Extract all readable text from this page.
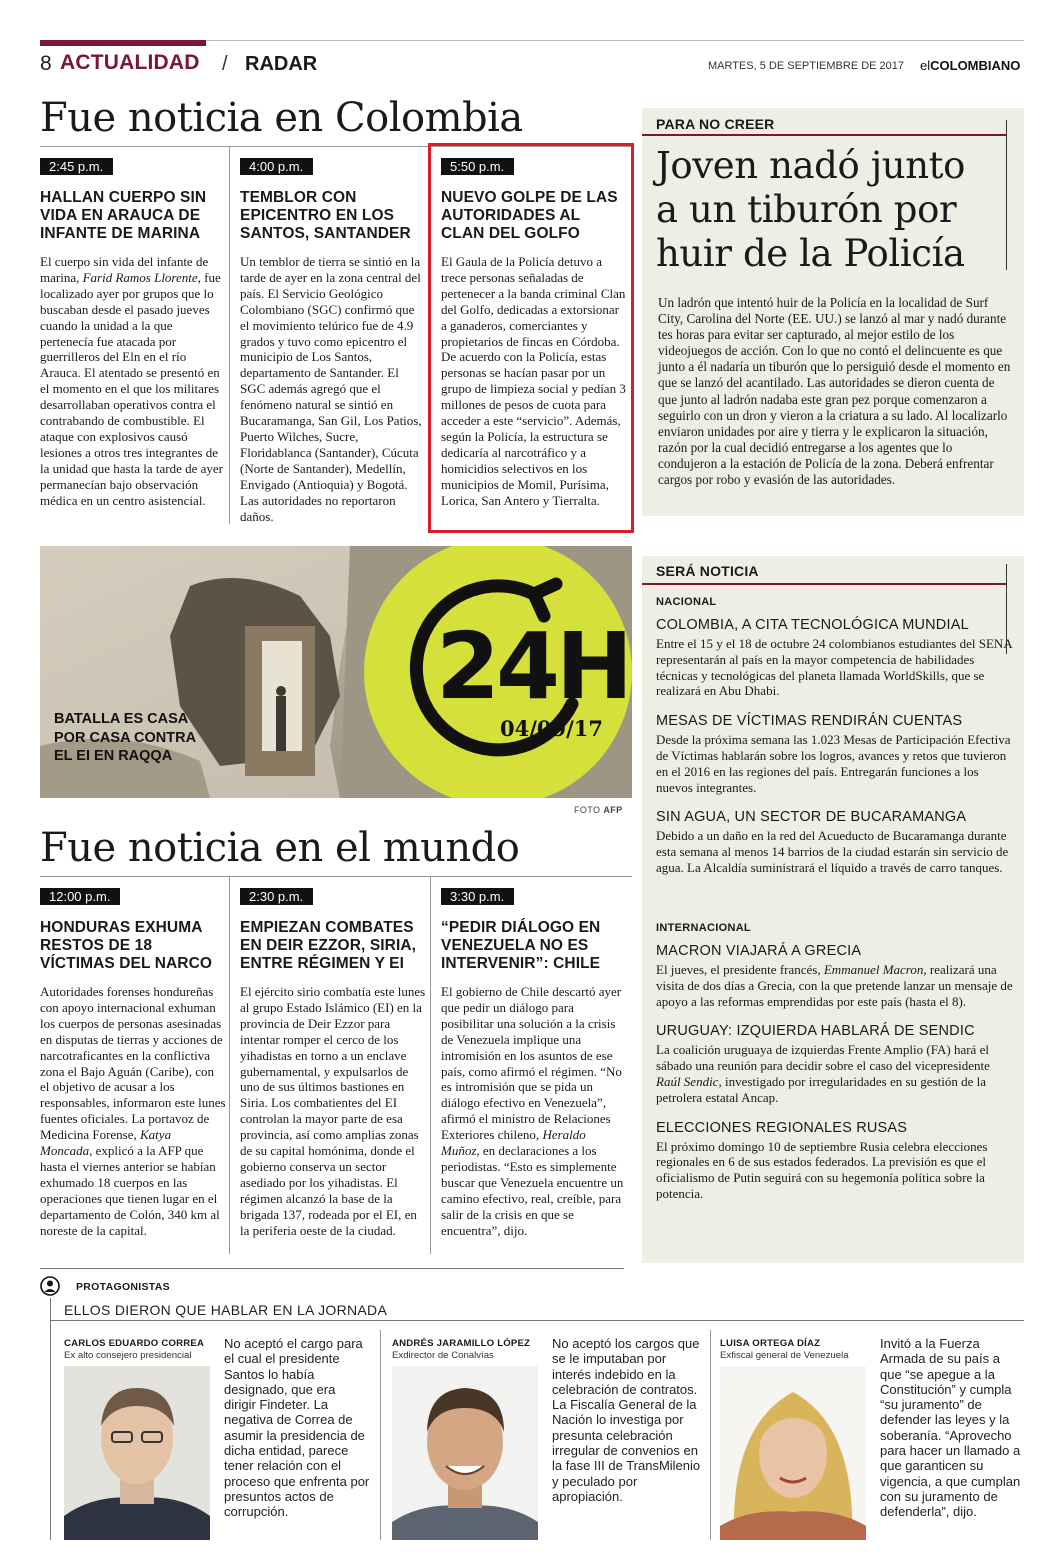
8 ACTUALIDAD / RADAR	MARTES, 5 DE SEPTIEMBRE DE 2017 elCOLOMBIANO
Fue noticia en Colombia
2:45 p.m.
HALLAN CUERPO SIN VIDA EN ARAUCA DE INFANTE DE MARINA
El cuerpo sin vida del infante de marina, Farid Ramos Llorente, fue localizado ayer por grupos que lo buscaban desde el pasado jueves cuando la unidad a la que pertenecía fue atacada por guerrilleros del Eln en el río Arauca. El atentado se presentó en el momento en el que los militares desarrollaban operativos contra el contrabando de combustible. El ataque con explosivos causó lesiones a otros tres integrantes de la unidad que hasta la tarde de ayer permanecían bajo observación médica en un centro asistencial.
4:00 p.m.
TEMBLOR CON EPICENTRO EN LOS SANTOS, SANTANDER
Un temblor de tierra se sintió en la tarde de ayer en la zona central del país. El Servicio Geológico Colombiano (SGC) confirmó que el movimiento telúrico fue de 4.9 grados y tuvo como epicentro el municipio de Los Santos, departamento de Santander. El SGC además agregó que el fenómeno natural se sintió en Bucaramanga, San Gil, Los Patios, Puerto Wilches, Sucre, Floridablanca (Santander), Cúcuta (Norte de Santander), Medellín, Envigado (Antioquia) y Bogotá. Las autoridades no reportaron daños.
5:50 p.m.
NUEVO GOLPE DE LAS AUTORIDADES AL CLAN DEL GOLFO
El Gaula de la Policía detuvo a trece personas señaladas de pertenecer a la banda criminal Clan del Golfo, dedicadas a extorsionar a ganaderos, comerciantes y propietarios de fincas en Córdoba. De acuerdo con la Policía, estas personas se hacían pasar por un grupo de limpieza social y pedían 3 millones de pesos de cuota para acceder a este “servicio”. Además, según la Policía, la estructura se dedicaría al narcotráfico y a homicidios selectivos en los municipios de Momil, Purísima, Lorica, San Antero y Tierralta.
PARA NO CREER
Joven nadó junto a un tiburón por huir de la Policía
Un ladrón que intentó huir de la Policía en la localidad de Surf City, Carolina del Norte (EE. UU.) se lanzó al mar y nadó durante tes horas para evitar ser capturado, al mejor estilo de los videojuegos de acción. Con lo que no contó el delincuente es que junto a él nadaría un tiburón que lo persiguió desde el momento en que se lanzó del acantilado. Las autoridades se dieron cuenta de que junto al ladrón nadaba este gran pez porque comenzaron a seguirlo con un dron y vieron a la criatura a su lado. Al localizarlo enviaron unidades por aire y tierra y le explicaron la situación, razón por la cual decidió entregarse a los agentes que lo condujeron a la estación de Policía de la zona. Deberá enfrentar cargos por robo y evasión de las autoridades.
24H
04/09/17
BATALLA ES CASA POR CASA CONTRA EL EI EN RAQQA
FOTO AFP
SERÁ NOTICIA
NACIONAL
COLOMBIA, A CITA TECNOLÓGICA MUNDIAL
Entre el 15 y el 18 de octubre 24 colombianos estudiantes del SENA representarán al país en la mayor competencia de habilidades técnicas y tecnológicas del planeta llamada WorldSkills, que se realizará en Abu Dhabi.
MESAS DE VÍCTIMAS RENDIRÁN CUENTAS
Desde la próxima semana las 1.023 Mesas de Participación Efectiva de Víctimas hablarán sobre los logros, avances y retos que tuvieron en el 2016 en las regiones del país. Entregarán funciones a los nuevos integrantes.
SIN AGUA, UN SECTOR DE BUCARAMANGA
Debido a un daño en la red del Acueducto de Bucaramanga durante esta semana al menos 14 barrios de la ciudad estarán sin servicio de agua. La Alcaldía suministrará el líquido a través de carro tanques.
INTERNACIONAL
MACRON VIAJARÁ A GRECIA
El jueves, el presidente francés, Emmanuel Macron, realizará una visita de dos días a Grecia, con la que pretende lanzar un mensaje de apoyo a las reformas emprendidas por este país (hasta el 8).
URUGUAY: IZQUIERDA HABLARÁ DE SENDIC
La coalición uruguaya de izquierdas Frente Amplio (FA) hará el sábado una reunión para decidir sobre el caso del vicepresidente Raúl Sendic, investigado por irregularidades en su gestión de la petrolera estatal Ancap.
ELECCIONES REGIONALES RUSAS
El próximo domingo 10 de septiembre Rusia celebra elecciones regionales en 6 de sus estados federados. La previsión es que el oficialismo de Putin seguirá con su hegemonía política sobre la potencia.
Fue noticia en el mundo
12:00 p.m.
HONDURAS EXHUMA RESTOS DE 18 VÍCTIMAS DEL NARCO
Autoridades forenses hondureñas con apoyo internacional exhuman los cuerpos de personas asesinadas en disputas de tierras y acciones de narcotraficantes en la conflictiva zona el Bajo Aguán (Caribe), con el objetivo de acusar a los responsables, informaron este lunes fuentes oficiales. La portavoz de Medicina Forense, Katya Moncada, explicó a la AFP que hasta el viernes anterior se habían exhumado 18 cuerpos en las operaciones que tienen lugar en el departamento de Colón, 340 km al noreste de la capital.
2:30 p.m.
EMPIEZAN COMBATES EN DEIR EZZOR, SIRIA, ENTRE RÉGIMEN Y EI
El ejército sirio combatía este lunes al grupo Estado Islámico (EI) en la provincia de Deir Ezzor para intentar romper el cerco de los yihadistas en torno a un enclave gubernamental, y expulsarlos de uno de sus últimos bastiones en Siria. Los combatientes del EI controlan la mayor parte de esa provincia, así como amplias zonas de su capital homónima, donde el gobierno conserva un sector asediado por los yihadistas. El régimen alcanzó la base de la brigada 137, rodeada por el EI, en la periferia oeste de la ciudad.
3:30 p.m.
“PEDIR DIÁLOGO EN VENEZUELA NO ES INTERVENIR”: CHILE
El gobierno de Chile descartó ayer que pedir un diálogo para posibilitar una solución a la crisis de Venezuela implique una intromisión en los asuntos de ese país, como afirmó el régimen. “No es intromisión que se pida un diálogo efectivo en Venezuela”, afirmó el ministro de Relaciones Exteriores chileno, Heraldo Muñoz, en declaraciones a los periodistas. “Esto es simplemente buscar que Venezuela encuentre un camino efectivo, real, creíble, para salir de la crisis en que se encuentra”, dijo.
PROTAGONISTAS
ELLOS DIERON QUE HABLAR EN LA JORNADA
CARLOS EDUARDO CORREA
Ex alto consejero presidencial
No aceptó el cargo para el cual el presidente Santos lo había designado, que era dirigir Findeter. La negativa de Correa de asumir la presidencia de dicha entidad, parece tener relación con el proceso que enfrenta por presuntos actos de corrupción.
ANDRÉS JARAMILLO LÓPEZ
Exdirector de Conalvías
No aceptó los cargos que se le imputaban por interés indebido en la celebración de contratos. La Fiscalía General de la Nación lo investiga por presunta celebración irregular de convenios en la fase III de TransMilenio y peculado por apropiación.
LUISA ORTEGA DÍAZ
Exfiscal general de Venezuela
Invitó a la Fuerza Armada de su país a que “se apegue a la Constitución” y cumpla “su juramento” de defender las leyes y la soberanía. “Aprovecho para hacer un llamado a que garanticen su vigencia, a que cumplan con su juramento de defenderla”, dijo.
